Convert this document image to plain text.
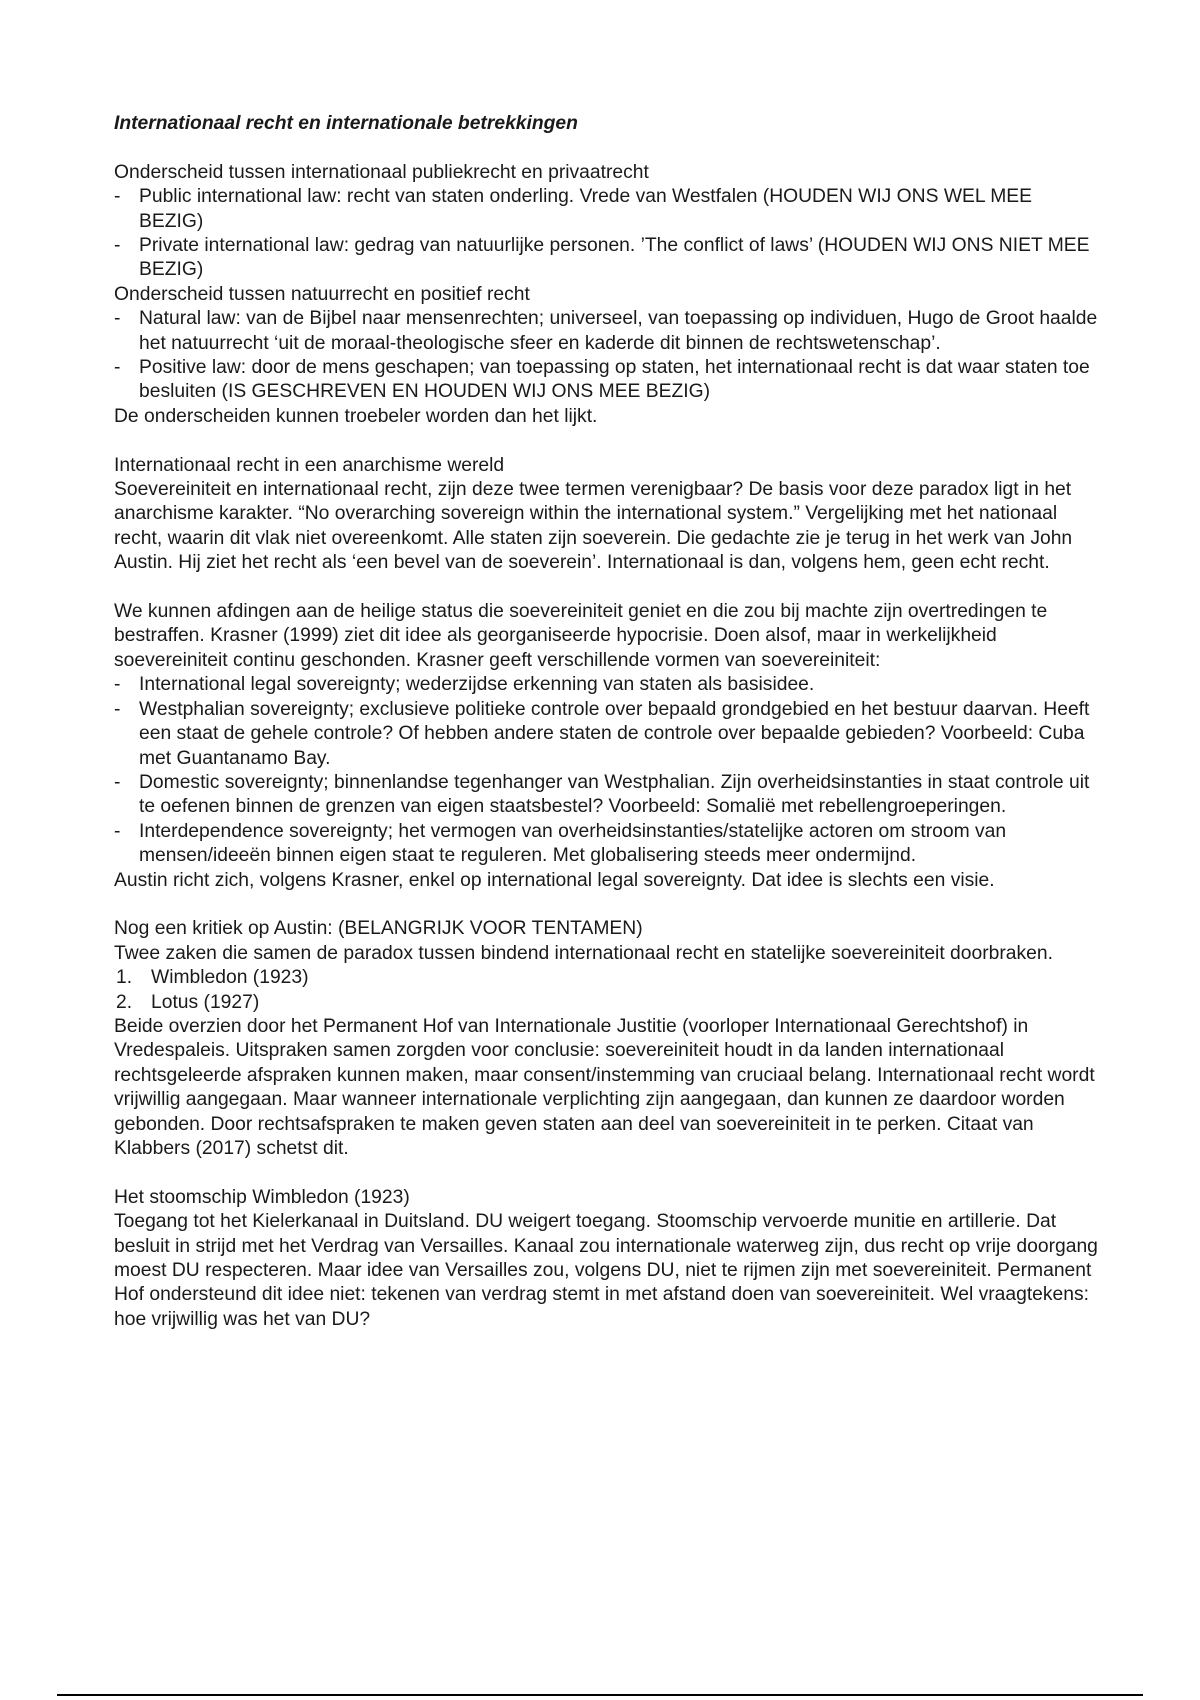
Internationaal recht en internationale betrekkingen

Onderscheid tussen internationaal publiekrecht en privaatrecht

- Public international law: recht van staten onderling. Vrede van Westfalen (HOUDEN WIJ ONS WEL MEE BEZIG)
- Private international law: gedrag van natuurlijke personen. ’The conflict of laws’ (HOUDEN WIJ ONS NIET MEE BEZIG)

Onderscheid tussen natuurrecht en positief recht

- Natural law: van de Bijbel naar mensenrechten; universeel, van toepassing op individuen, Hugo de Groot haalde het natuurrecht ‘uit de moraal-theologische sfeer en kaderde dit binnen de rechtswetenschap’.
- Positive law: door de mens geschapen; van toepassing op staten, het internationaal recht is dat waar staten toe besluiten (IS GESCHREVEN EN HOUDEN WIJ ONS MEE BEZIG)

De onderscheiden kunnen troebeler worden dan het lijkt.

Internationaal recht in een anarchisme wereld

Soevereiniteit en internationaal recht, zijn deze twee termen verenigbaar? De basis voor deze paradox ligt in het anarchisme karakter. “No overarching sovereign within the international system.” Vergelijking met het nationaal recht, waarin dit vlak niet overeenkomt. Alle staten zijn soeverein. Die gedachte zie je terug in het werk van John Austin. Hij ziet het recht als ‘een bevel van de soeverein’. Internationaal is dan, volgens hem, geen echt recht.

We kunnen afdingen aan de heilige status die soevereiniteit geniet en die zou bij machte zijn overtredingen te bestraffen. Krasner (1999) ziet dit idee als georganiseerde hypocrisie. Doen alsof, maar in werkelijkheid soevereiniteit continu geschonden. Krasner geeft verschillende vormen van soevereiniteit:

- International legal sovereignty; wederzijdse erkenning van staten als basisidee.
- Westphalian sovereignty; exclusieve politieke controle over bepaald grondgebied en het bestuur daarvan. Heeft een staat de gehele controle? Of hebben andere staten de controle over bepaalde gebieden? Voorbeeld: Cuba met Guantanamo Bay.
- Domestic sovereignty; binnenlandse tegenhanger van Westphalian. Zijn overheidsinstanties in staat controle uit te oefenen binnen de grenzen van eigen staatsbestel? Voorbeeld: Somalië met rebellengroeperingen.
- Interdependence sovereignty; het vermogen van overheidsinstanties/statelijke actoren om stroom van mensen/ideeën binnen eigen staat te reguleren. Met globalisering steeds meer ondermijnd.

Austin richt zich, volgens Krasner, enkel op international legal sovereignty. Dat idee is slechts een visie.

Nog een kritiek op Austin: (BELANGRIJK VOOR TENTAMEN)

Twee zaken die samen de paradox tussen bindend internationaal recht en statelijke soevereiniteit doorbraken.

1. Wimbledon (1923)
2. Lotus (1927)

Beide overzien door het Permanent Hof van Internationale Justitie (voorloper Internationaal Gerechtshof) in Vredespaleis. Uitspraken samen zorgden voor conclusie: soevereiniteit houdt in da landen internationaal rechtsgeleerde afspraken kunnen maken, maar consent/instemming van cruciaal belang. Internationaal recht wordt vrijwillig aangegaan. Maar wanneer internationale verplichting zijn aangegaan, dan kunnen ze daardoor worden gebonden. Door rechtsafspraken te maken geven staten aan deel van soevereiniteit in te perken. Citaat van Klabbers (2017) schetst dit.

Het stoomschip Wimbledon (1923)

Toegang tot het Kielerkanaal in Duitsland. DU weigert toegang. Stoomschip vervoerde munitie en artillerie. Dat besluit in strijd met het Verdrag van Versailles. Kanaal zou internationale waterweg zijn, dus recht op vrije doorgang moest DU respecteren. Maar idee van Versailles zou, volgens DU, niet te rijmen zijn met soevereiniteit. Permanent Hof ondersteund dit idee niet: tekenen van verdrag stemt in met afstand doen van soevereiniteit. Wel vraagtekens: hoe vrijwillig was het van DU?
